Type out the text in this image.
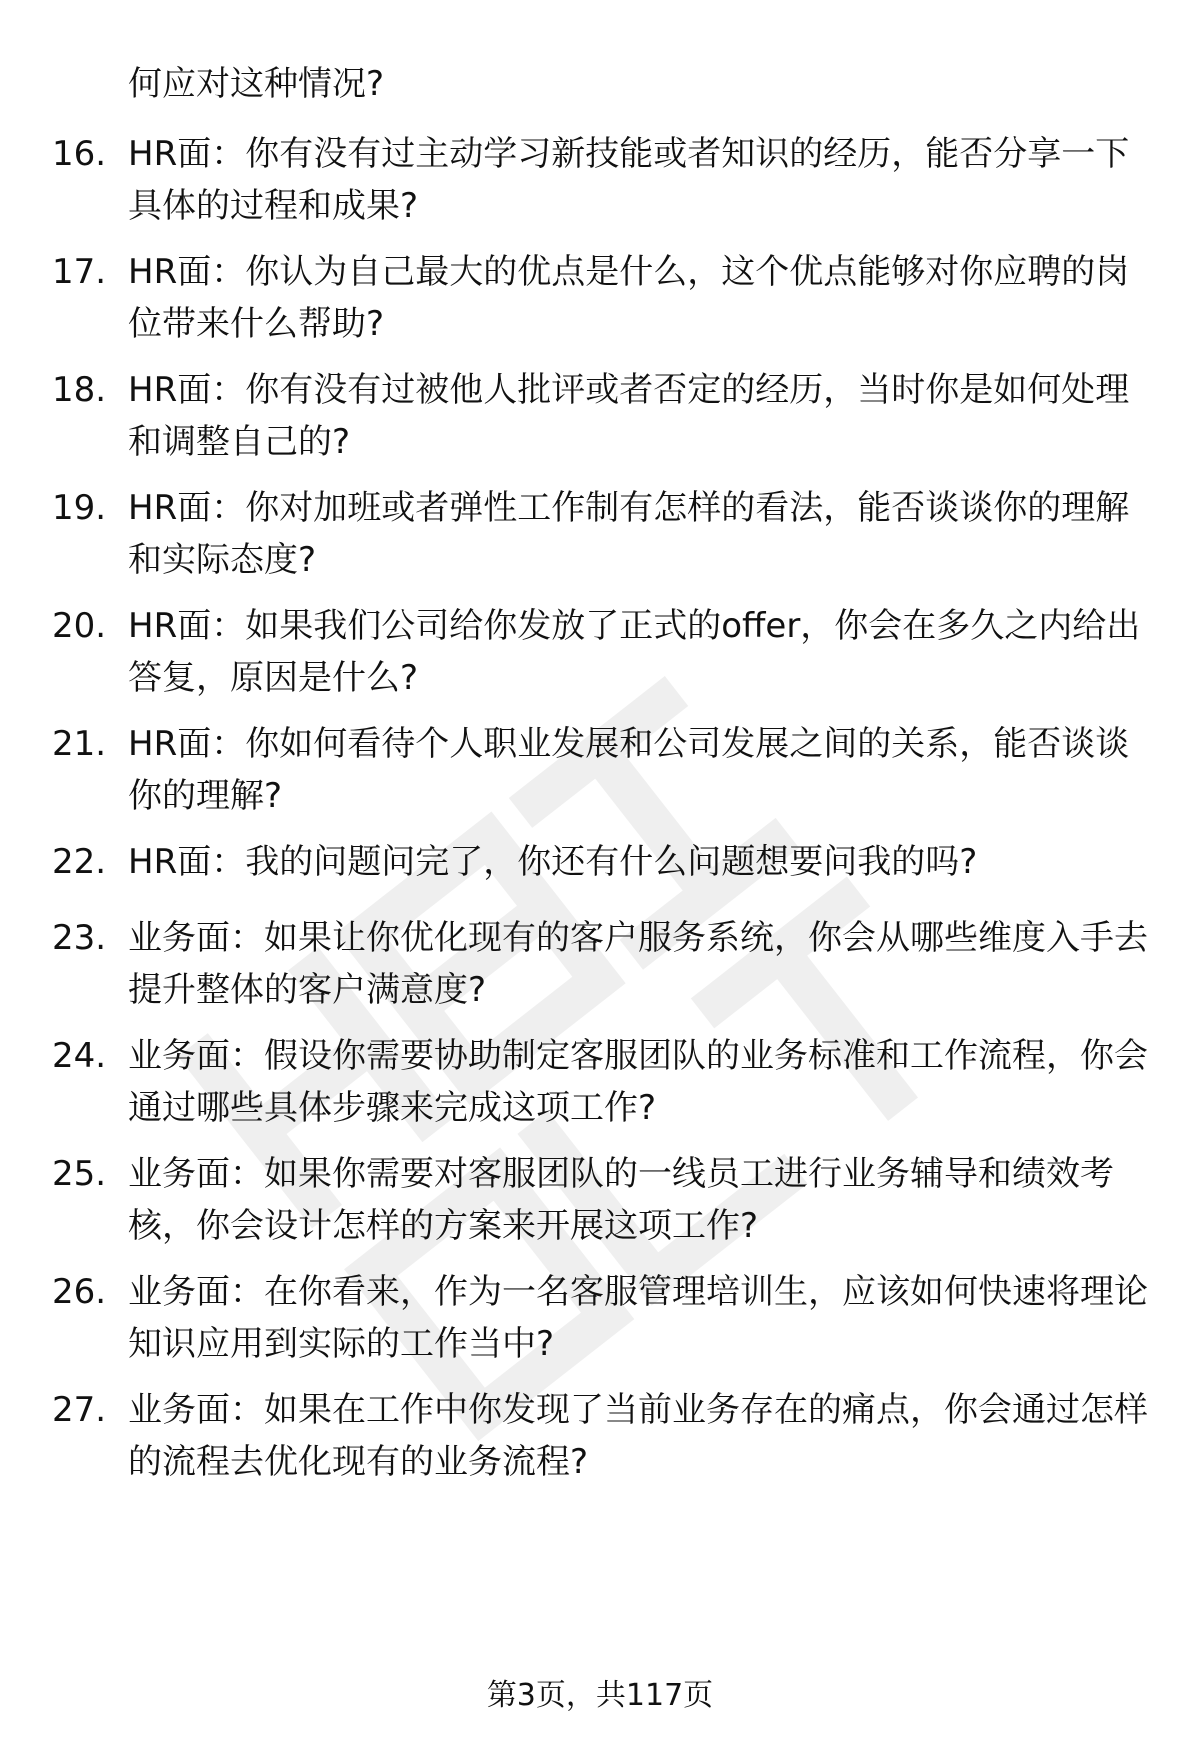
何应对这种情况?
16. HR面：你有没有过主动学习新技能或者知识的经历，能否分享一下具体的过程和成果?
17. HR面：你认为自己最大的优点是什么，这个优点能够对你应聘的岗位带来什么帮助?
18. HR面：你有没有过被他人批评或者否定的经历，当时你是如何处理和调整自己的?
19. HR面：你对加班或者弹性工作制有怎样的看法，能否谈谈你的理解和实际态度?
20. HR面：如果我们公司给你发放了正式的offer，你会在多久之内给出答复，原因是什么?
21. HR面：你如何看待个人职业发展和公司发展之间的关系，能否谈谈你的理解?
22. HR面：我的问题问完了，你还有什么问题想要问我的吗?
23. 业务面：如果让你优化现有的客户服务系统，你会从哪些维度入手去提升整体的客户满意度?
24. 业务面：假设你需要协助制定客服团队的业务标准和工作流程，你会通过哪些具体步骤来完成这项工作?
25. 业务面：如果你需要对客服团队的一线员工进行业务辅导和绩效考核，你会设计怎样的方案来开展这项工作?
26. 业务面：在你看来，作为一名客服管理培训生，应该如何快速将理论知识应用到实际的工作当中?
27. 业务面：如果在工作中你发现了当前业务存在的痛点，你会通过怎样的流程去优化现有的业务流程?
第3页，共117页
